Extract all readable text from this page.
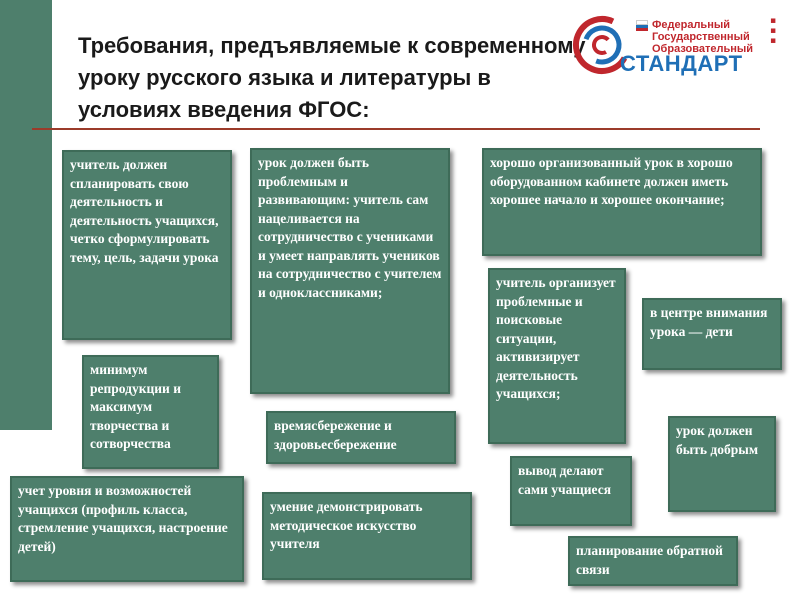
Требования, предъявляемые к современному уроку русского языка и литературы в условиях введения ФГОС:
Федеральный
Государственный
Образовательный
СТАНДАРТ
▪
▪
▪

учитель должен спланировать свою деятельность и деятельность учащихся, четко сформулировать тему, цель, задачи урока

урок должен быть проблемным и развивающим: учитель сам нацеливается на сотрудничество с учениками и умеет направлять учеников на сотрудничество с учителем и одноклассниками;

хорошо организованный урок в хорошо оборудованном кабинете должен иметь

хорошее начало и хорошее окончание;

учитель организует проблемные и поисковые ситуации, активизирует деятельность учащихся;

в центре внимания урока — дети

минимум репродукции и максимум творчества и сотворчества

времясбережение и здоровьесбережение

урок должен быть добрым

вывод делают сами учащиеся

учет уровня и возможностей учащихся (профиль класса, стремление учащихся, настроение детей)

умение демонстрировать методическое искусство учителя	планирование обратной связи
